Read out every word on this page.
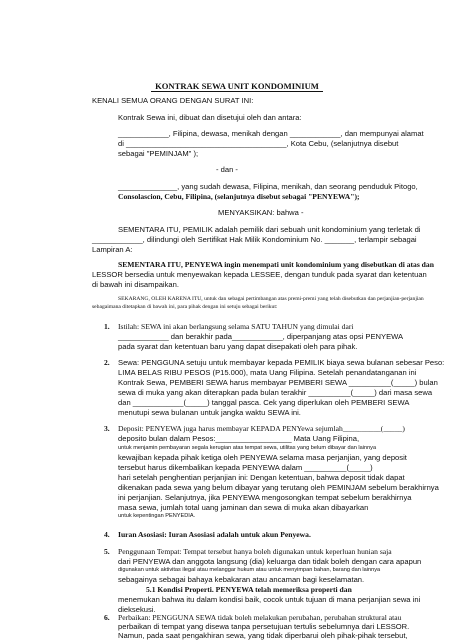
KONTRAK SEWA UNIT KONDOMINIUM
KENALI SEMUA ORANG DENGAN SURAT INI:
Kontrak Sewa ini, dibuat dan disetujui oleh dan antara:
____________, Filipina, dewasa, menikah dengan ____________, dan mempunyai alamat
di ______________________________________, Kota Cebu, (selanjutnya disebut
sebagai "PEMINJAM" );
- dan -
______________, yang sudah dewasa, Filipina, menikah, dan seorang penduduk Pitogo,
Consolascion, Cebu, Filipina, (selanjutnya disebut sebagai "PENYEWA");
MENYAKSIKAN: bahwa -
SEMENTARA ITU, PEMILIK adalah pemilik dari sebuah unit kondominium yang terletak di
____________, dilindungi oleh Sertifikat Hak Milik Kondominium No. _______, terlampir sebagai
Lampiran A:
SEMENTARA ITU, PENYEWA ingin menempati unit kondominium yang disebutkan di atas dan
LESSOR bersedia untuk menyewakan kepada LESSEE, dengan tunduk pada syarat dan ketentuan
di bawah ini disampaikan.
SEKARANG, OLEH KARENA ITU, untuk dan sebagai pertimbangan atas premi-premi yang telah disebutkan dan perjanjian-perjanjian
sebagaimana ditetapkan di bawah ini, para pihak dengan ini setuju sebagai berikut:
1. Istilah: SEWA ini akan berlangsung selama SATU TAHUN yang dimulai dari
____________ dan berakhir pada____________, diperpanjang atas opsi PENYEWA
pada syarat dan ketentuan baru yang dapat disepakati oleh para pihak.
2. Sewa: PENGGUNA setuju untuk membayar kepada PEMILIK biaya sewa bulanan sebesar Peso:
LIMA BELAS RIBU PESOS (P15.000), mata Uang Filipina. Setelah penandatanganan ini
Kontrak Sewa, PEMBERI SEWA harus membayar PEMBERI SEWA __________(_____) bulan
sewa di muka yang akan diterapkan pada bulan terakhir __________(_____) dari masa sewa
dan ____________(_____) tanggal pasca. Cek yang diperlukan oleh PEMBERI SEWA
menutupi sewa bulanan untuk jangka waktu SEWA ini.
3. Deposit: PENYEWA juga harus membayar KEPADA PENYewa sejumlah__________(_____)
deposito bulan dalam Pesos:__________________ Mata Uang Filipina,
untuk menjamin pembayaran segala kerugian atas tempat sewa, utilitas yang belum dibayar dan lainnya
kewajiban kepada pihak ketiga oleh PENYEWA selama masa perjanjian, yang deposit
tersebut harus dikembalikan kepada PENYEWA dalam __________(_____)
hari setelah penghentian perjanjian ini: Dengan ketentuan, bahwa deposit tidak dapat
dikenakan pada sewa yang belum dibayar yang terutang oleh PEMINJAM sebelum berakhirnya
ini perjanjian. Selanjutnya, jika PENYEWA mengosongkan tempat sebelum berakhirnya
masa sewa, jumlah total uang jaminan dan sewa di muka akan dibayarkan
untuk kepentingan PENYEDIA.
4. Iuran Asosiasi: Iuran Asosiasi adalah untuk akun Penyewa.
5. Penggunaan Tempat: Tempat tersebut hanya boleh digunakan untuk keperluan hunian saja
dari PENYEWA dan anggota langsung (dia) keluarga dan tidak boleh dengan cara apapun
digunakan untuk aktivitas ilegal atau melanggar hukum atau untuk menyimpan bahan, barang dan lainnya
sebagainya sebagai bahaya kebakaran atau ancaman bagi keselamatan.
5.1 Kondisi Properti. PENYEWA telah memeriksa properti dan
menemukan bahwa itu dalam kondisi baik, cocok untuk tujuan di mana perjanjian sewa ini
dieksekusi.
6. Perbaikan: PENGGUNA SEWA tidak boleh melakukan perubahan, perubahan struktural atau
perbaikan di tempat yang disewa tanpa persetujuan tertulis sebelumnya dari LESSOR.
Namun, pada saat pengakhiran sewa, yang tidak diperbarui oleh pihak-pihak tersebut,
